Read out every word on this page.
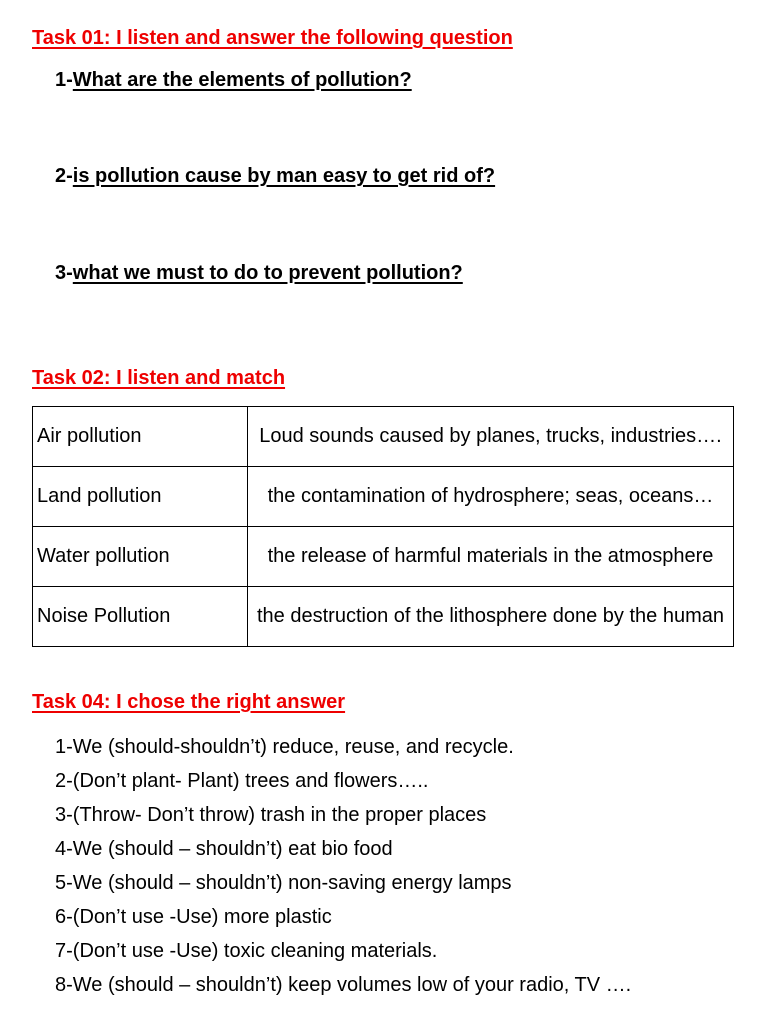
Task 01: I listen and answer the following question
1-What are the elements of pollution?
2-is pollution cause by man easy to get rid of?
3-what we must to do to prevent pollution?
Task 02: I listen and match
Air pollution	Loud sounds caused by planes, trucks, industries….
Land pollution	the contamination of hydrosphere; seas, oceans…
Water pollution	the release of harmful materials in the atmosphere
Noise Pollution	the destruction of the lithosphere done by the human
Task 04: I chose the right answer
1-We (should-shouldn’t) reduce, reuse, and recycle.
2-(Don’t plant- Plant) trees and flowers…..
3-(Throw- Don’t throw) trash in the proper places
4-We (should – shouldn’t) eat bio food
5-We (should – shouldn’t) non-saving energy lamps
6-(Don’t use -Use) more plastic
7-(Don’t use -Use) toxic cleaning materials.
8-We (should – shouldn’t) keep volumes low of your radio, TV ….
